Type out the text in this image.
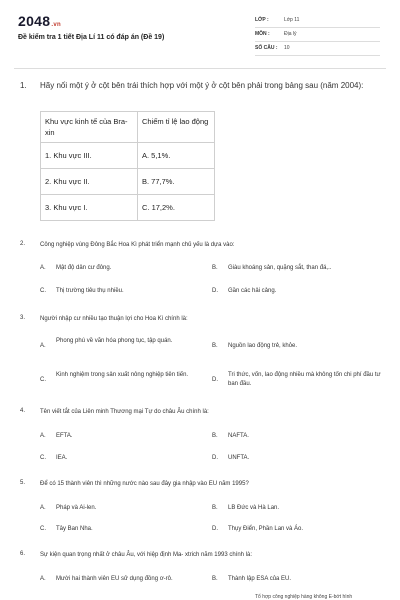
2048.vn
Đề kiểm tra 1 tiết Địa Lí 11 có đáp án (Đề 19)
LỚP :	Lớp 11
MÔN :	Địa lý
SỐ CÂU : 10
1. Hãy nối một ý ở cột bên trái thích hợp với một ý ở cột bên phải trong bảng sau (năm 2004):
Khu vực kinh tế của Bra-xin	Chiếm tỉ lệ lao động
1. Khu vực III.	A. 5,1%.
2. Khu vực II.	B. 77,7%.
3. Khu vực I.	C. 17,2%.
2. Công nghiệp vùng Đông Bắc Hoa Kì phát triển mạnh chủ yếu là dựa vào:
A. Mật độ dân cư đông.	B. Giàu khoáng sản, quặng sắt, than đá,..
C. Thị trường tiêu thụ nhiều.	D. Gần các hải cảng.
3. Người nhập cư nhiều tạo thuận lợi cho Hoa Kì chính là:
A.
Phong phú về văn hóa phong tục, tập quán.
B. Nguồn lao động trẻ, khỏe.
C.
Kinh nghiệm trong sản xuất nông nghiệp tiên tiến.
D.
Tri thức, vốn, lao động nhiều mà không tốn chi phí đầu tư ban đầu.
4. Tên viết tắt của Liên minh Thương mại Tự do châu Âu chính là:
A. EFTA.	B. NAFTA.
C. IEA.	D. UNFTA.
5. Để có 15 thành viên thì những nước nào sau đây gia nhập vào EU năm 1995?
A. Pháp và Ai-len.	B. LB Đức và Hà Lan.
C. Tây Ban Nha.	D. Thụy Điển, Phần Lan và Áo.
6. Sự kiện quan trọng nhất ở châu Âu, với hiệp định Ma- xtrich năm 1993 chính là:
A. Mười hai thành viên EU sử dụng đồng ơ-rô.	B. Thành lập ESA của EU.
Tổ hợp công nghiệp hàng không E-bớt hình
